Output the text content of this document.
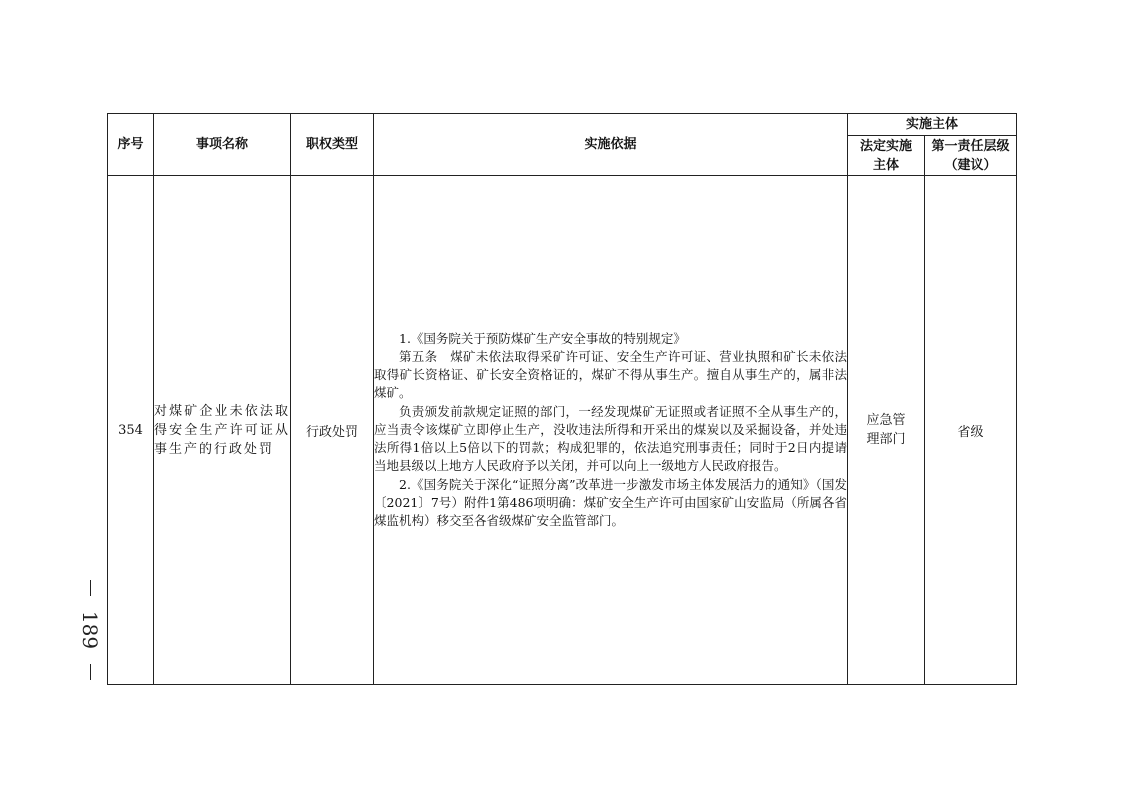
序号	事项名称	职权类型	实施依据	实施主体	
				法定实施主体	第一责任层级（建议）
354	对煤矿企业未依法取得安全生产许可证从事生产的行政处罚	行政处罚	1.《国务院关于预防煤矿生产安全事故的特别规定》

第五条　煤矿未依法取得采矿许可证、安全生产许可证、营业执照和矿长未依法取得矿长资格证、矿长安全资格证的，煤矿不得从事生产。擅自从事生产的，属非法煤矿。

负责颁发前款规定证照的部门，一经发现煤矿无证照或者证照不全从事生产的，应当责令该煤矿立即停止生产，没收违法所得和开采出的煤炭以及采掘设备，并处违法所得1倍以上5倍以下的罚款；构成犯罪的，依法追究刑事责任；同时于2日内提请当地县级以上地方人民政府予以关闭，并可以向上一级地方人民政府报告。

2.《国务院关于深化“证照分离”改革进一步激发市场主体发展活力的通知》（国发〔2021〕7号）附件1第486项明确：煤矿安全生产许可由国家矿山安监局（所属各省煤监机构）移交至各省级煤矿安全监管部门。	应急管理部门	省级
189
